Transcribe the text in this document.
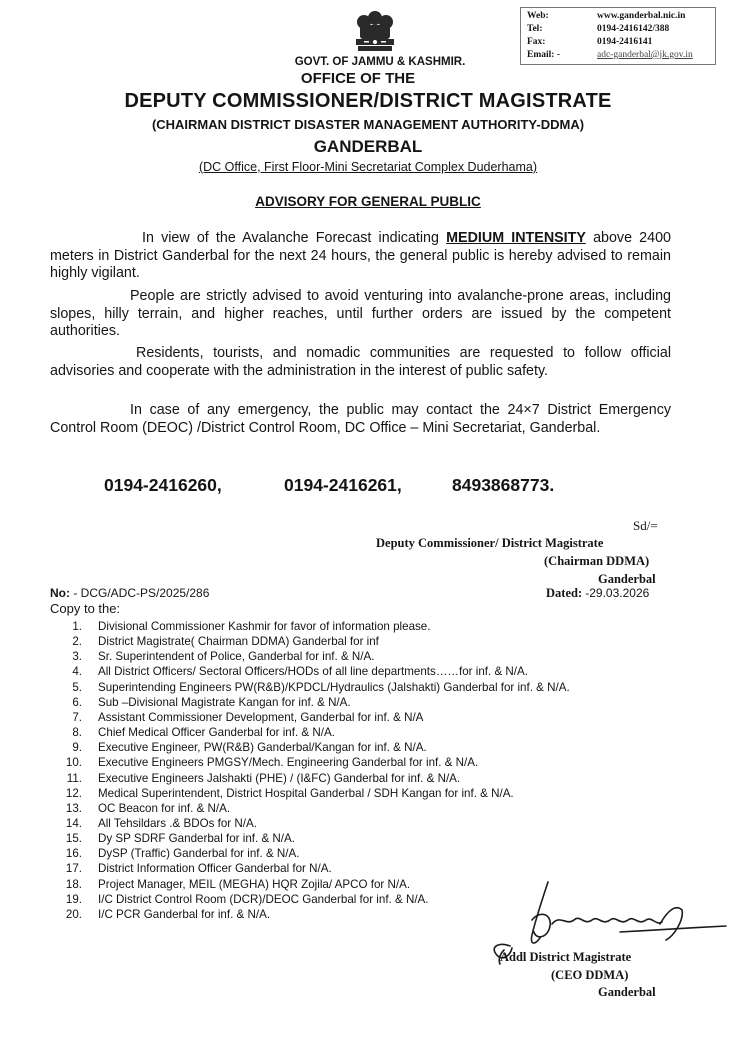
Web:	www.ganderbal.nic.in
Tel:	0194-2416142/388
Fax:	0194-2416141
Email: -	adc-ganderbal@jk.gov.in
GOVT. OF JAMMU & KASHMIR.
OFFICE OF THE
DEPUTY COMMISSIONER/DISTRICT MAGISTRATE
(CHAIRMAN DISTRICT DISASTER MANAGEMENT AUTHORITY-DDMA)
GANDERBAL
(DC Office, First Floor-Mini Secretariat Complex Duderhama)
ADVISORY FOR GENERAL PUBLIC
In view of the Avalanche Forecast indicating MEDIUM INTENSITY above 2400 meters in District Ganderbal for the next 24 hours, the general public is hereby advised to remain highly vigilant.
People are strictly advised to avoid venturing into avalanche-prone areas, including slopes, hilly terrain, and higher reaches, until further orders are issued by the competent authorities.
Residents, tourists, and nomadic communities are requested to follow official advisories and cooperate with the administration in the interest of public safety.
In case of any emergency, the public may contact the 24×7 District Emergency Control Room (DEOC) /District Control Room, DC Office – Mini Secretariat, Ganderbal.
0194-2416260,	0194-2416261,	8493868773.
Sd/=
Deputy Commissioner/ District Magistrate
(Chairman DDMA)
Ganderbal
Dated: -29.03.2026
No: - DCG/ADC-PS/2025/286
Copy to the:
1. Divisional Commissioner Kashmir for favor of information please.
2. District Magistrate( Chairman DDMA) Ganderbal for inf
3. Sr. Superintendent of Police, Ganderbal for inf. & N/A.
4. All District Officers/ Sectoral Officers/HODs of all line departments……for inf. & N/A.
5. Superintending Engineers PW(R&B)/KPDCL/Hydraulics (Jalshakti) Ganderbal for inf. & N/A.
6. Sub –Divisional Magistrate Kangan for inf. & N/A.
7. Assistant Commissioner Development, Ganderbal for inf. & N/A
8. Chief Medical Officer Ganderbal for inf. & N/A.
9. Executive Engineer, PW(R&B) Ganderbal/Kangan for inf. & N/A.
10. Executive Engineers PMGSY/Mech. Engineering Ganderbal for inf. & N/A.
11. Executive Engineers Jalshakti (PHE) / (I&FC) Ganderbal for inf. & N/A.
12. Medical Superintendent, District Hospital Ganderbal / SDH Kangan for inf. & N/A.
13. OC Beacon for inf. & N/A.
14. All Tehsildars .& BDOs for N/A.
15. Dy SP SDRF Ganderbal for inf. & N/A.
16. DySP (Traffic) Ganderbal for inf. & N/A.
17. District Information Officer Ganderbal for N/A.
18. Project Manager, MEIL (MEGHA) HQR Zojila/ APCO for N/A.
19. I/C District Control Room (DCR)/DEOC Ganderbal for inf. & N/A.
20. I/C PCR Ganderbal for inf. & N/A.
Addl District Magistrate
(CEO DDMA)
Ganderbal
